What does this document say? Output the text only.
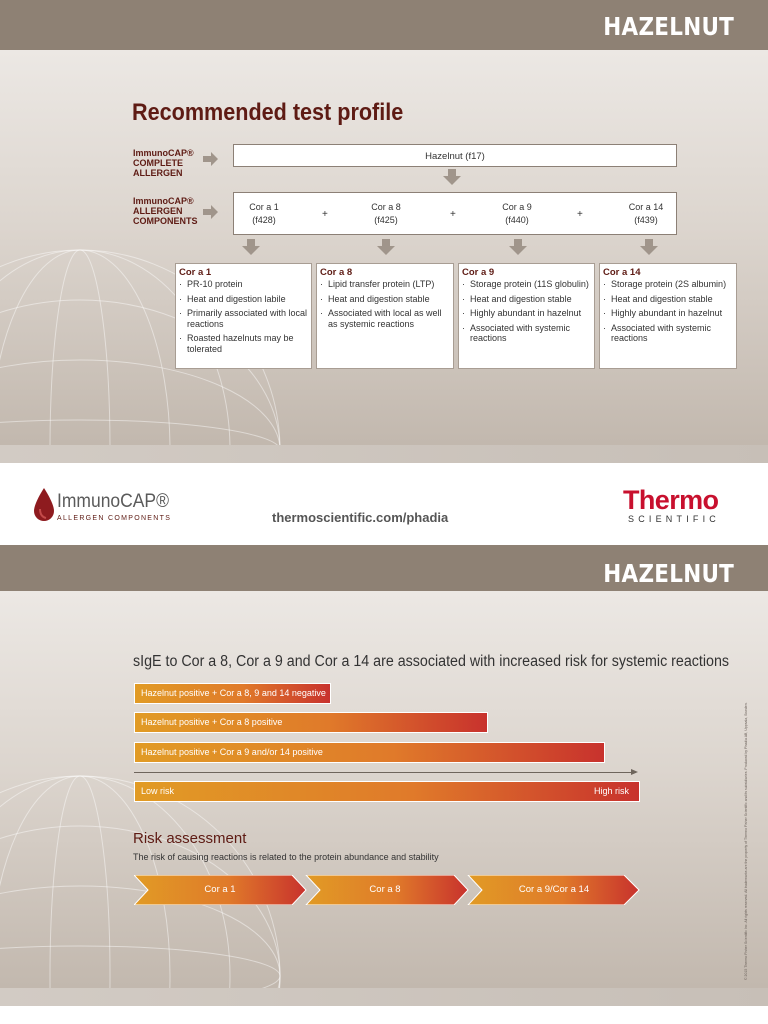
HAZELNUT
Recommended test profile
ImmunoCAP®
COMPLETE
ALLERGEN
ImmunoCAP®
ALLERGEN
COMPONENTS
Hazelnut (f17)
Cor a 1
(f428)	+
Cor a 8
(f425)	+
Cor a 9
(f440)	+
Cor a 14
(f439)
Cor a 1
· PR-10 protein
· Heat and digestion labile
· Primarily associated with local reactions
· Roasted hazelnuts may be tolerated
Cor a 8
· Lipid transfer protein (LTP)
· Heat and digestion stable
· Associated with local as well as systemic reactions
Cor a 9
· Storage protein (11S globulin)
· Heat and digestion stable
· Highly abundant in hazelnut
· Associated with systemic reactions
Cor a 14
· Storage protein (2S albumin)
· Heat and digestion stable
· Highly abundant in hazelnut
· Associated with systemic reactions
ImmunoCAP®
ALLERGEN COMPONENTS	thermoscientific.com/phadia
Thermo
SCIENTIFIC
HAZELNUT
sIgE to Cor a 8, Cor a 9 and Cor a 14 are associated with increased risk for systemic reactions
Hazelnut positive + Cor a 8, 9 and 14 negative
Hazelnut positive + Cor a 8 positive
Hazelnut positive + Cor a 9 and/or 14 positive
Low risk	High risk
Risk assessment
The risk of causing reactions is related to the protein abundance and stability
Cor a 1	Cor a 8	Cor a 9/Cor a 14	© 2015 Thermo Fisher Scientific Inc. All rights reserved. All trademarks are the property of Thermo Fisher Scientific and its subsidiaries. Produced by Phadia AB, Uppsala, Sweden.
